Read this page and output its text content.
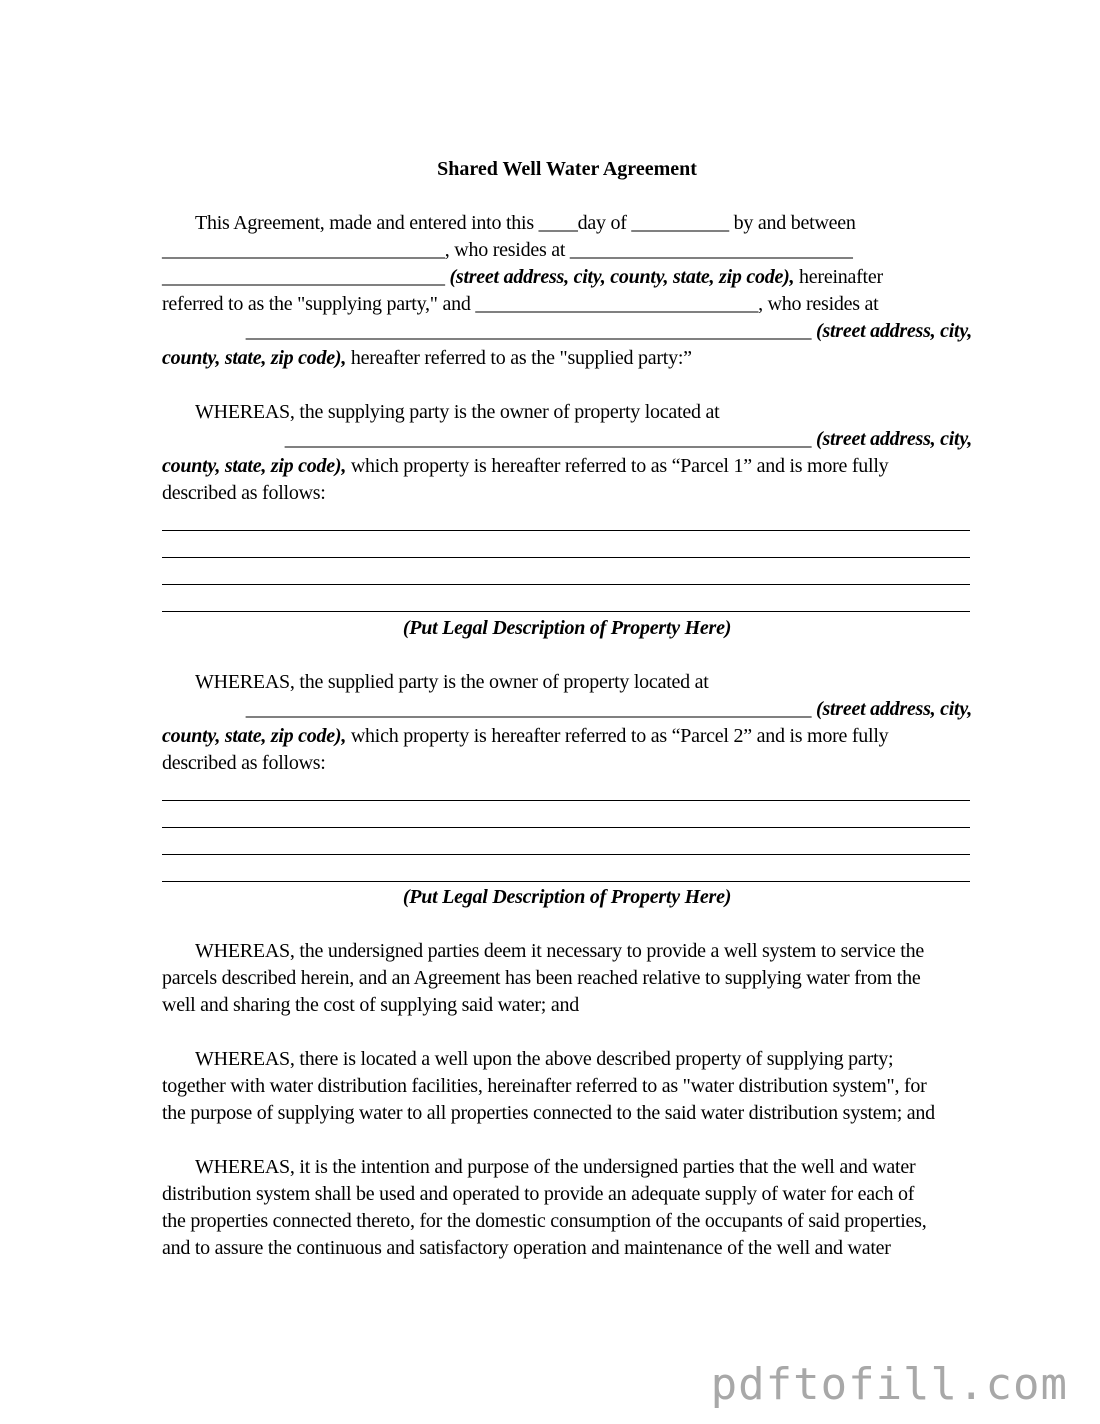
Shared Well Water Agreement
This Agreement, made and entered into this ____day of __________ by and between
_____________________________, who resides at _____________________________
_____________________________ (street address, city, county, state, zip code), hereinafter
referred to as the "supplying party," and _____________________________, who resides at
__________________________________________________________ (street address, city,
county, state, zip code), hereafter referred to as the "supplied party:”
WHEREAS, the supplying party is the owner of property located at
______________________________________________________ (street address, city,
county, state, zip code), which property is hereafter referred to as “Parcel 1” and is more fully
described as follows:
(Put Legal Description of Property Here)
WHEREAS, the supplied party is the owner of property located at
__________________________________________________________ (street address, city,
county, state, zip code), which property is hereafter referred to as “Parcel 2” and is more fully
described as follows:
(Put Legal Description of Property Here)
WHEREAS, the undersigned parties deem it necessary to provide a well system to service the
parcels described herein, and an Agreement has been reached relative to supplying water from the
well and sharing the cost of supplying said water; and
WHEREAS, there is located a well upon the above described property of supplying party;
together with water distribution facilities, hereinafter referred to as "water distribution system", for
the purpose of supplying water to all properties connected to the said water distribution system; and
WHEREAS, it is the intention and purpose of the undersigned parties that the well and water
distribution system shall be used and operated to provide an adequate supply of water for each of
the properties connected thereto, for the domestic consumption of the occupants of said properties,
and to assure the continuous and satisfactory operation and maintenance of the well and water
pdftofill.com
